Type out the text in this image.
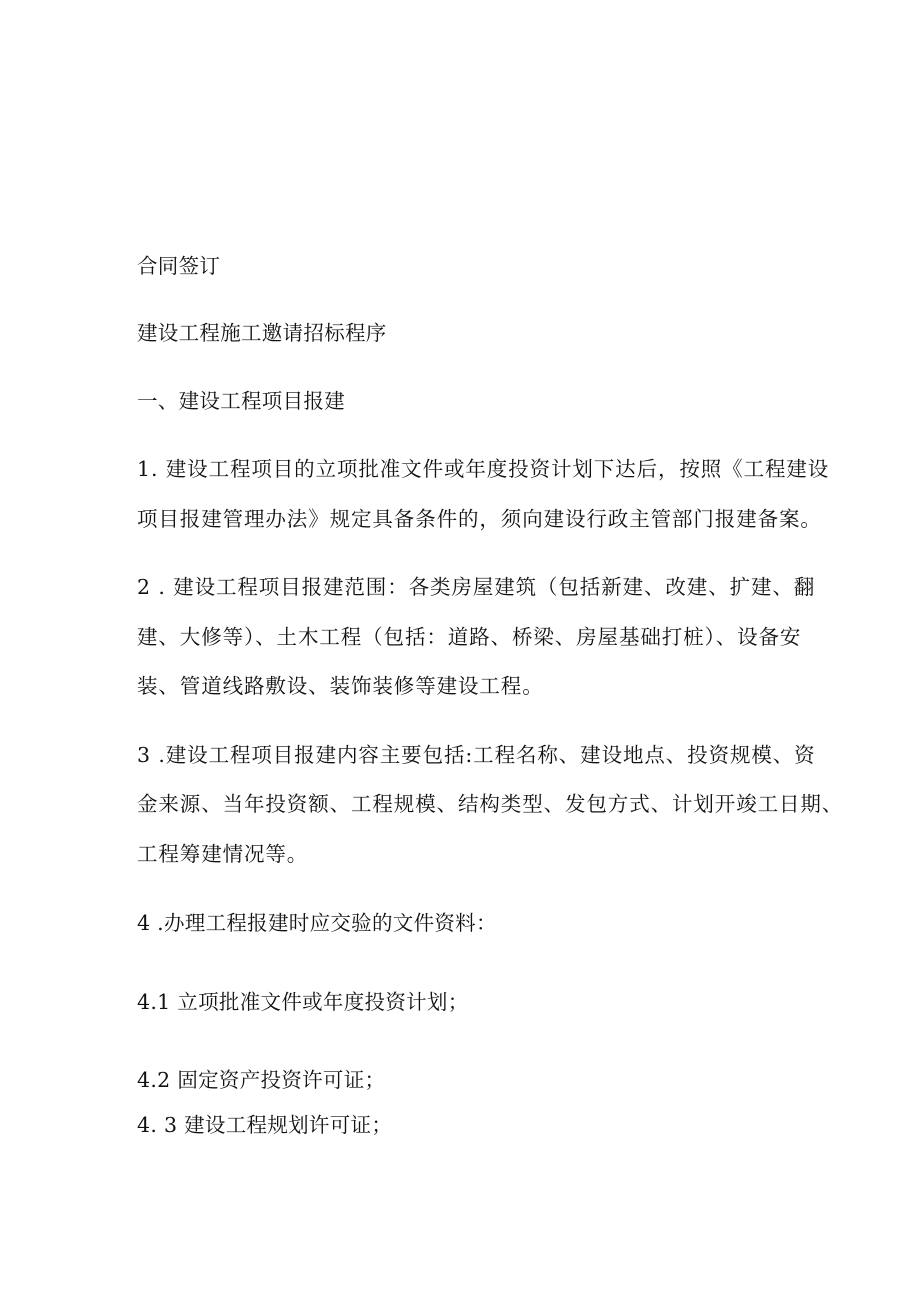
合同签订
建设工程施工邀请招标程序
一、建设工程项目报建
1. 建设工程项目的立项批准文件或年度投资计划下达后，按照《工程建设
项目报建管理办法》规定具备条件的，须向建设行政主管部门报建备案。
2 . 建设工程项目报建范围：各类房屋建筑（包括新建、改建、扩建、翻
建、大修等）、土木工程（包括：道路、桥梁、房屋基础打桩）、设备安
装、管道线路敷设、装饰装修等建设工程。
3 .建设工程项目报建内容主要包括:工程名称、建设地点、投资规模、资
金来源、当年投资额、工程规模、结构类型、发包方式、计划开竣工日期、
工程筹建情况等。
4 .办理工程报建时应交验的文件资料：
4.1 立项批准文件或年度投资计划；
4.2 固定资产投资许可证；
4. 3 建设工程规划许可证；
